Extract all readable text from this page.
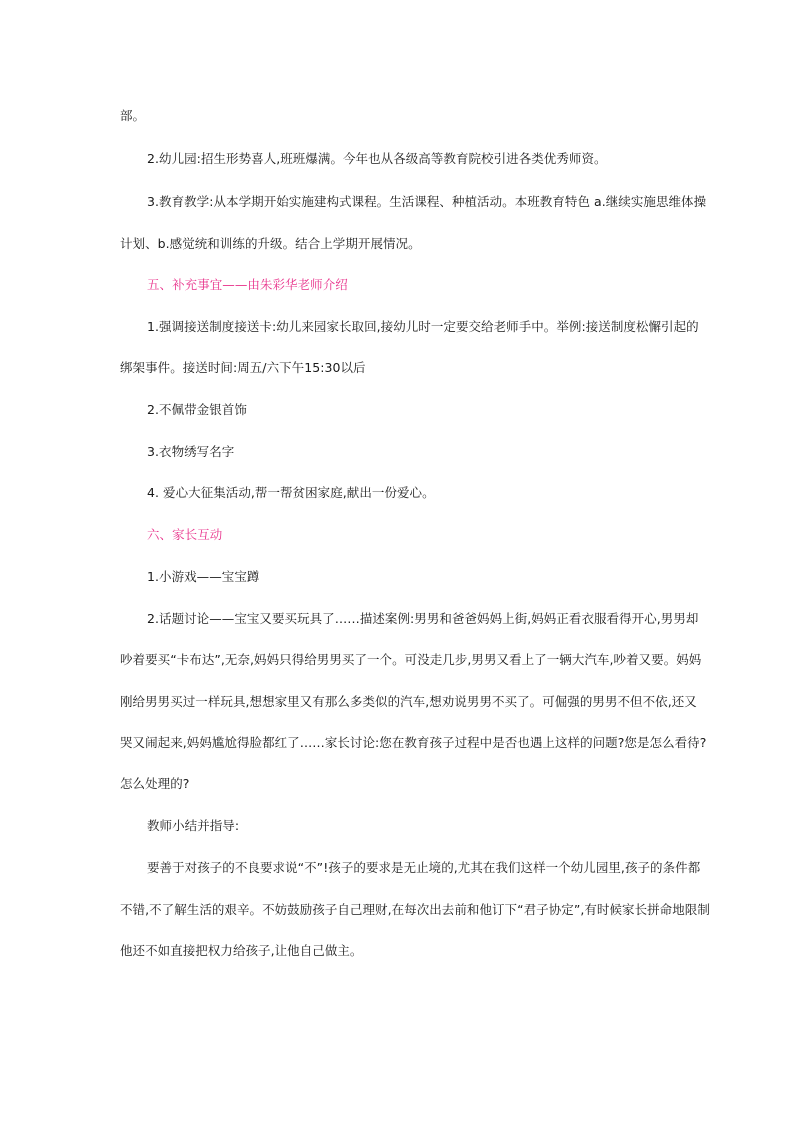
部。
2.幼儿园:招生形势喜人,班班爆满。今年也从各级高等教育院校引进各类优秀师资。
3.教育教学:从本学期开始实施建构式课程。生活课程、种植活动。本班教育特色 a.继续实施思维体操
计划、b.感觉统和训练的升级。结合上学期开展情况。
五、补充事宜——由朱彩华老师介绍
1.强调接送制度接送卡:幼儿来园家长取回,接幼儿时一定要交给老师手中。举例:接送制度松懈引起的
绑架事件。接送时间:周五/六下午15:30以后
2.不佩带金银首饰
3.衣物绣写名字
4. 爱心大征集活动,帮一帮贫困家庭,献出一份爱心。
六、家长互动
1.小游戏——宝宝蹲
2.话题讨论——宝宝又要买玩具了……描述案例:男男和爸爸妈妈上街,妈妈正看衣服看得开心,男男却
吵着要买“卡布达”,无奈,妈妈只得给男男买了一个。可没走几步,男男又看上了一辆大汽车,吵着又要。妈妈
刚给男男买过一样玩具,想想家里又有那么多类似的汽车,想劝说男男不买了。可倔强的男男不但不依,还又
哭又闹起来,妈妈尴尬得脸都红了……家长讨论:您在教育孩子过程中是否也遇上这样的问题?您是怎么看待?
怎么处理的?
教师小结并指导:
要善于对孩子的不良要求说“不”!孩子的要求是无止境的,尤其在我们这样一个幼儿园里,孩子的条件都
不错,不了解生活的艰辛。不妨鼓励孩子自己理财,在每次出去前和他订下“君子协定”,有时候家长拼命地限制
他还不如直接把权力给孩子,让他自己做主。
